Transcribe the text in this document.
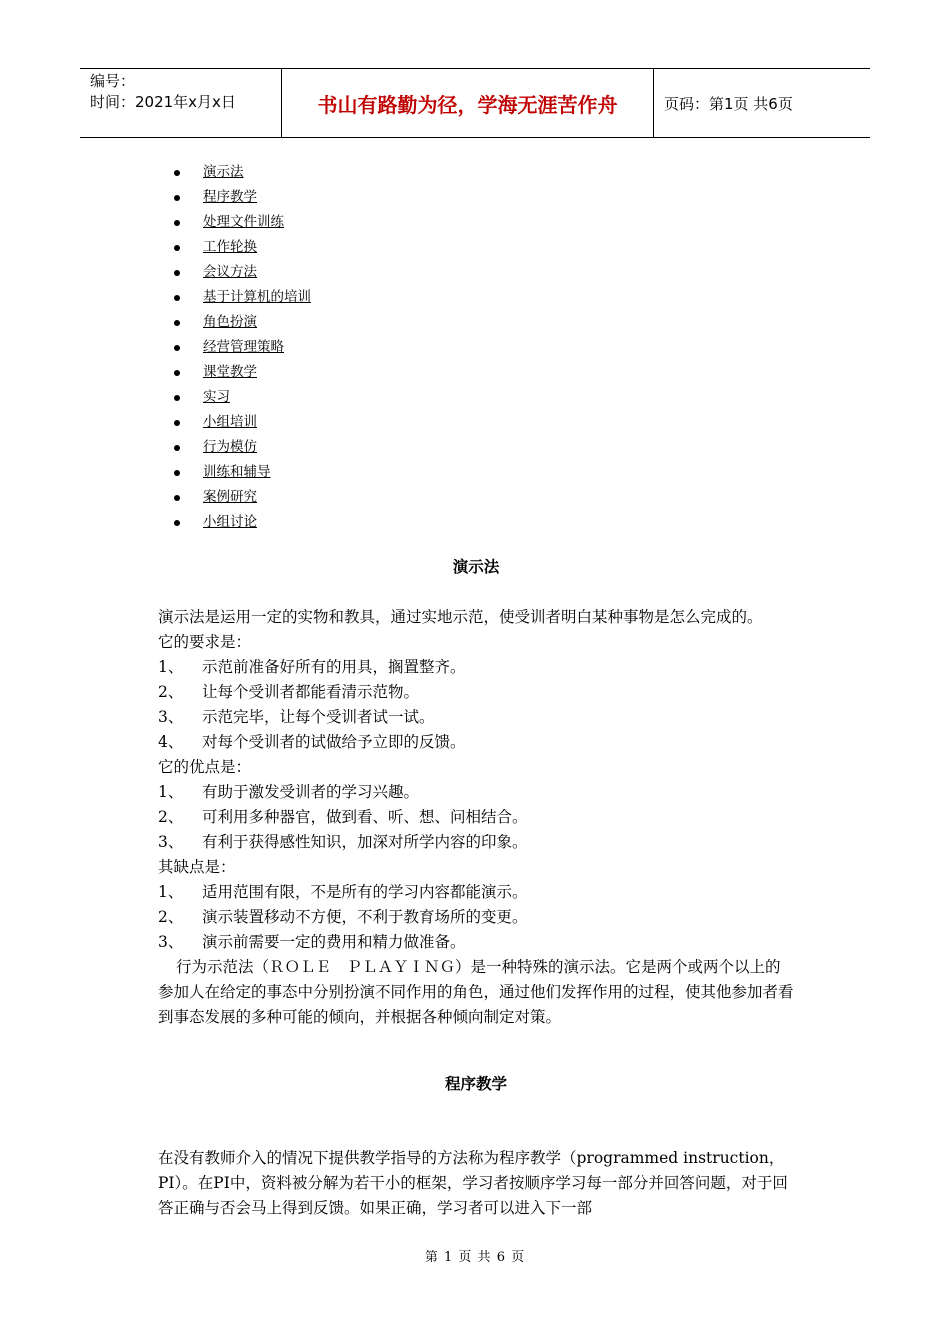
编号：
时间：2021年x月x日	书山有路勤为径，学海无涯苦作舟	页码：第1页 共6页
演示法
程序教学
处理文件训练
工作轮换
会议方法
基于计算机的培训
角色扮演
经营管理策略
课堂教学
实习
小组培训
行为模仿
训练和辅导
案例研究
小组讨论
演示法

演示法是运用一定的实物和教具，通过实地示范，使受训者明白某种事物是怎么完成的。

它的要求是：

1、	示范前准备好所有的用具，搁置整齐。
2、	让每个受训者都能看清示范物。
3、	示范完毕，让每个受训者试一试。
4、	对每个受训者的试做给予立即的反馈。

它的优点是：

1、	有助于激发受训者的学习兴趣。
2、	可利用多种器官，做到看、听、想、问相结合。
3、	有利于获得感性知识，加深对所学内容的印象。

其缺点是：

1、	适用范围有限，不是所有的学习内容都能演示。
2、	演示装置移动不方便，不利于教育场所的变更。
3、	演示前需要一定的费用和精力做准备。

行为示范法（ＲＯＬＥ　ＰＬＡＹＩＮＧ）是一种特殊的演示法。它是两个或两个以上的参加人在给定的事态中分别扮演不同作用的角色，通过他们发挥作用的过程，使其他参加者看到事态发展的多种可能的倾向，并根据各种倾向制定对策。

程序教学

在没有教师介入的情况下提供教学指导的方法称为程序教学（programmed instruction，PI）。在PI中，资料被分解为若干小的框架，学习者按顺序学习每一部分并回答问题，对于回答正确与否会马上得到反馈。如果正确，学习者可以进入下一部

第 1 页 共 6 页
